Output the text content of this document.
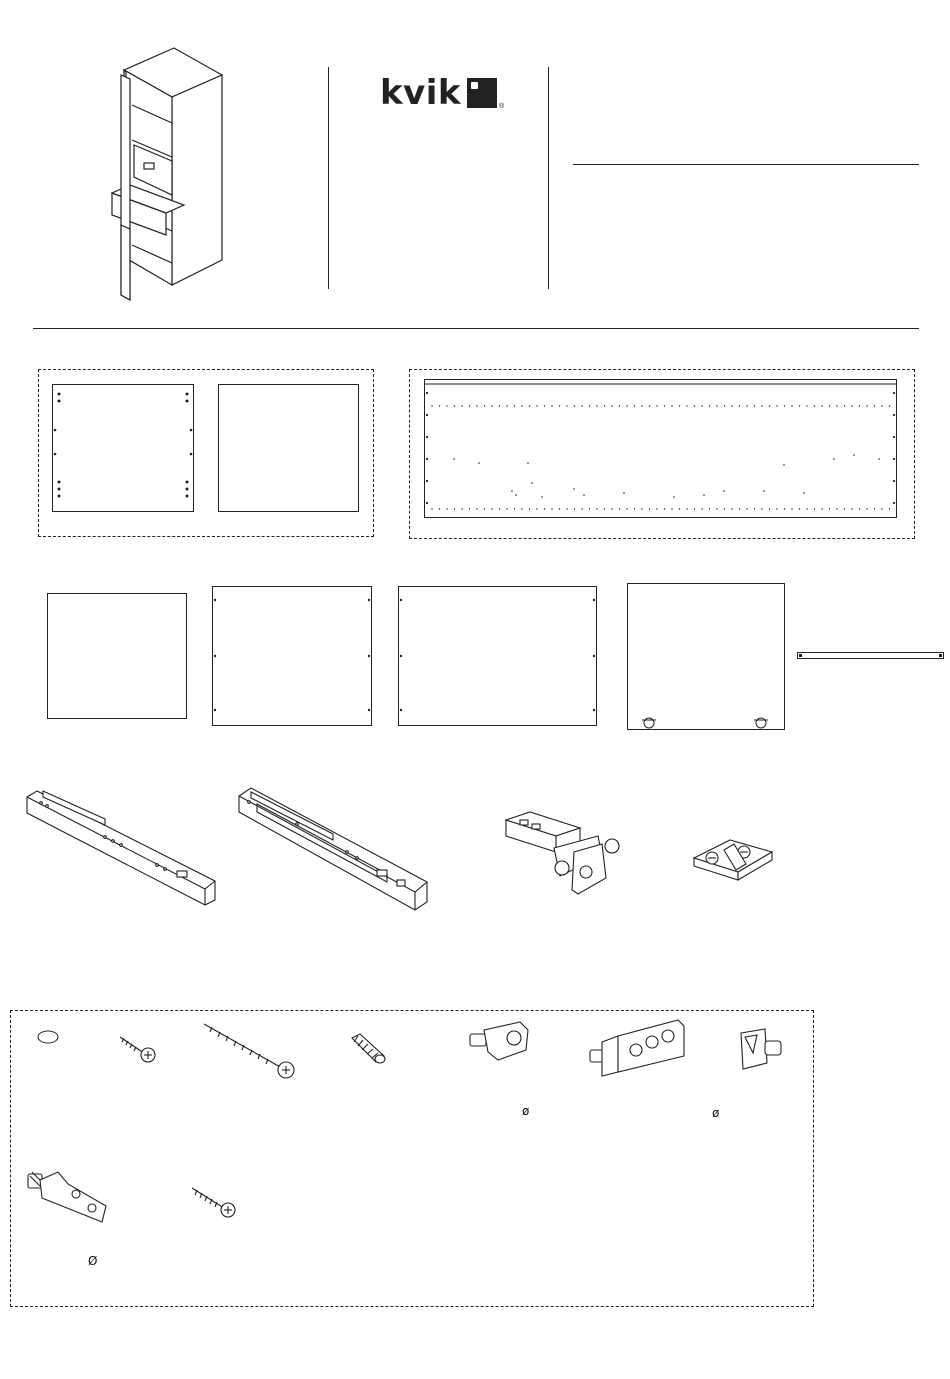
kvik	®
ø	ø
Ø
